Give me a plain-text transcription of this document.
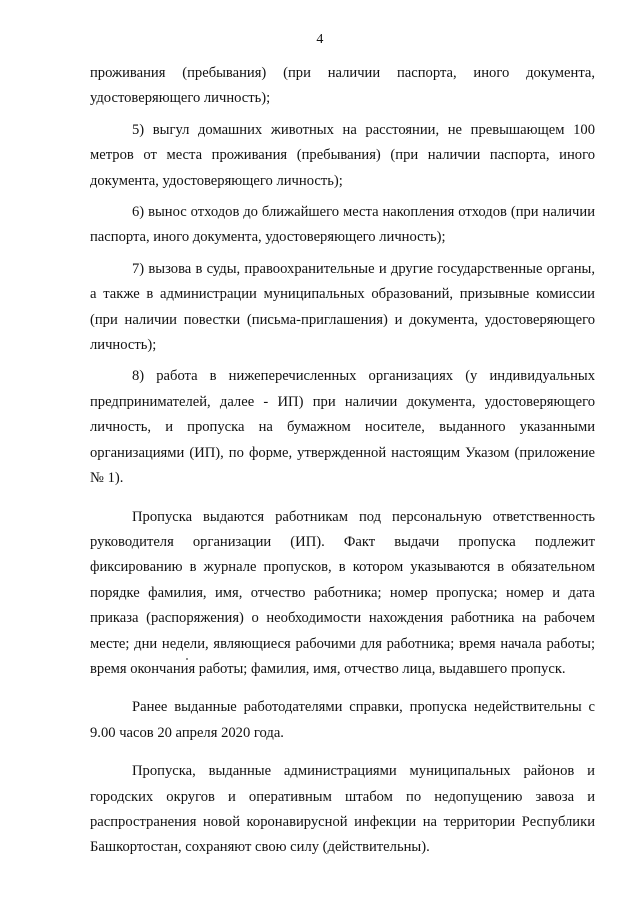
4

проживания (пребывания) (при наличии паспорта, иного документа, удостоверяющего личность);

5) выгул домашних животных на расстоянии, не превышающем 100 метров от места проживания (пребывания) (при наличии паспорта, иного документа, удостоверяющего личность);

6) вынос отходов до ближайшего места накопления отходов (при наличии паспорта, иного документа, удостоверяющего личность);

7) вызова в суды, правоохранительные и другие государственные органы, а также в администрации муниципальных образований, призывные комиссии (при наличии повестки (письма-приглашения) и документа, удостоверяющего личность);

8) работа в нижеперечисленных организациях (у индивидуальных предпринимателей, далее - ИП) при наличии документа, удостоверяющего личность, и пропуска на бумажном носителе, выданного указанными организациями (ИП), по форме, утвержденной настоящим Указом (приложение № 1).

Пропуска выдаются работникам под персональную ответственность руководителя организации (ИП). Факт выдачи пропуска подлежит фиксированию в журнале пропусков, в котором указываются в обязательном порядке фамилия, имя, отчество работника; номер пропуска; номер и дата приказа (распоряжения) о необходимости нахождения работника на рабочем месте; дни недели, являющиеся рабочими для работника; время начала работы; время окончания работы; фамилия, имя, отчество лица, выдавшего пропуск.

Ранее выданные работодателями справки, пропуска недействительны с 9.00 часов 20 апреля 2020 года.

Пропуска, выданные администрациями муниципальных районов и городских округов и оперативным штабом по недопущению завоза и распространения новой коронавирусной инфекции на территории Республики Башкортостан, сохраняют свою силу (действительны).
